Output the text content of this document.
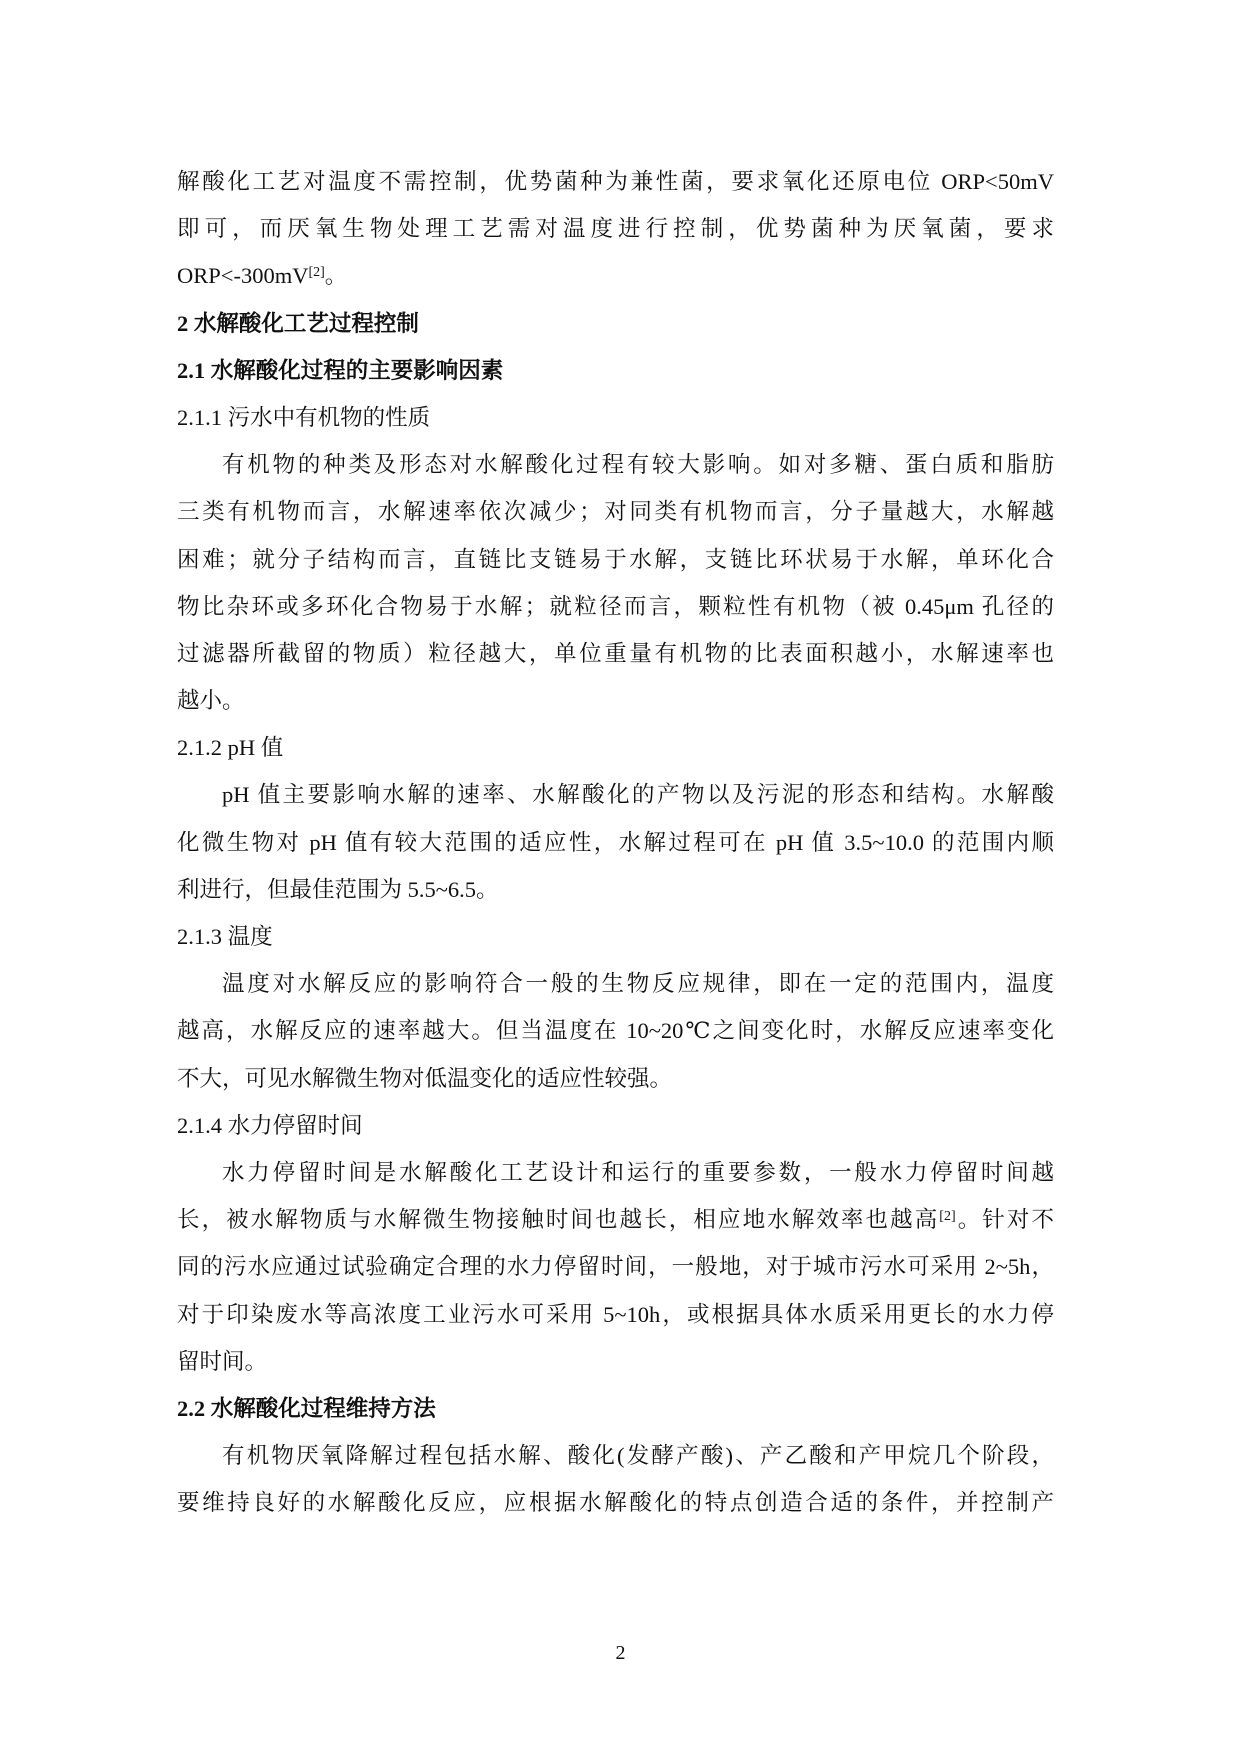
解酸化工艺对温度不需控制，优势菌种为兼性菌，要求氧化还原电位 ORP<50mV
即可，而厌氧生物处理工艺需对温度进行控制，优势菌种为厌氧菌，要求
ORP<-300mV[2]。
2 水解酸化工艺过程控制
2.1 水解酸化过程的主要影响因素
2.1.1 污水中有机物的性质
有机物的种类及形态对水解酸化过程有较大影响。如对多糖、蛋白质和脂肪
三类有机物而言，水解速率依次减少；对同类有机物而言，分子量越大，水解越
困难；就分子结构而言，直链比支链易于水解，支链比环状易于水解，单环化合
物比杂环或多环化合物易于水解；就粒径而言，颗粒性有机物（被 0.45μm 孔径的
过滤器所截留的物质）粒径越大，单位重量有机物的比表面积越小，水解速率也
越小。
2.1.2 pH 值
pH 值主要影响水解的速率、水解酸化的产物以及污泥的形态和结构。水解酸
化微生物对 pH 值有较大范围的适应性，水解过程可在 pH 值 3.5~10.0 的范围内顺
利进行，但最佳范围为 5.5~6.5。
2.1.3 温度
温度对水解反应的影响符合一般的生物反应规律，即在一定的范围内，温度
越高，水解反应的速率越大。但当温度在 10~20℃之间变化时，水解反应速率变化
不大，可见水解微生物对低温变化的适应性较强。
2.1.4 水力停留时间
水力停留时间是水解酸化工艺设计和运行的重要参数，一般水力停留时间越
长，被水解物质与水解微生物接触时间也越长，相应地水解效率也越高[2]。针对不
同的污水应通过试验确定合理的水力停留时间，一般地，对于城市污水可采用 2~5h，
对于印染废水等高浓度工业污水可采用 5~10h，或根据具体水质采用更长的水力停
留时间。
2.2 水解酸化过程维持方法
有机物厌氧降解过程包括水解、酸化(发酵产酸)、产乙酸和产甲烷几个阶段，
要维持良好的水解酸化反应，应根据水解酸化的特点创造合适的条件，并控制产
2
